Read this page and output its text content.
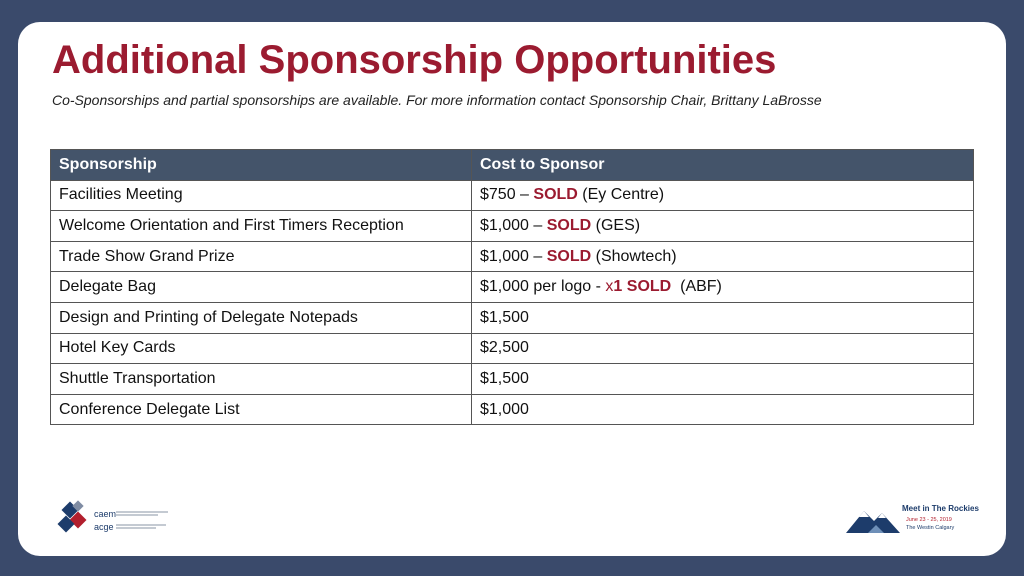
Additional Sponsorship Opportunities
Co-Sponsorships and partial sponsorships are available. For more information contact Sponsorship Chair, Brittany LaBrosse
Sponsorship	Cost to Sponsor
Facilities Meeting	$750 – SOLD (Ey Centre)
Welcome Orientation and First Timers Reception	$1,000 – SOLD (GES)
Trade Show Grand Prize	$1,000 – SOLD (Showtech)
Delegate Bag	$1,000 per logo - x1 SOLD  (ABF)
Design and Printing of Delegate Notepads	$1,500
Hotel Key Cards	$2,500
Shuttle Transportation	$1,500
Conference Delegate List	$1,000
caem
acge
Meet in The Rockies
June 23 - 25, 2019
The Westin Calgary
